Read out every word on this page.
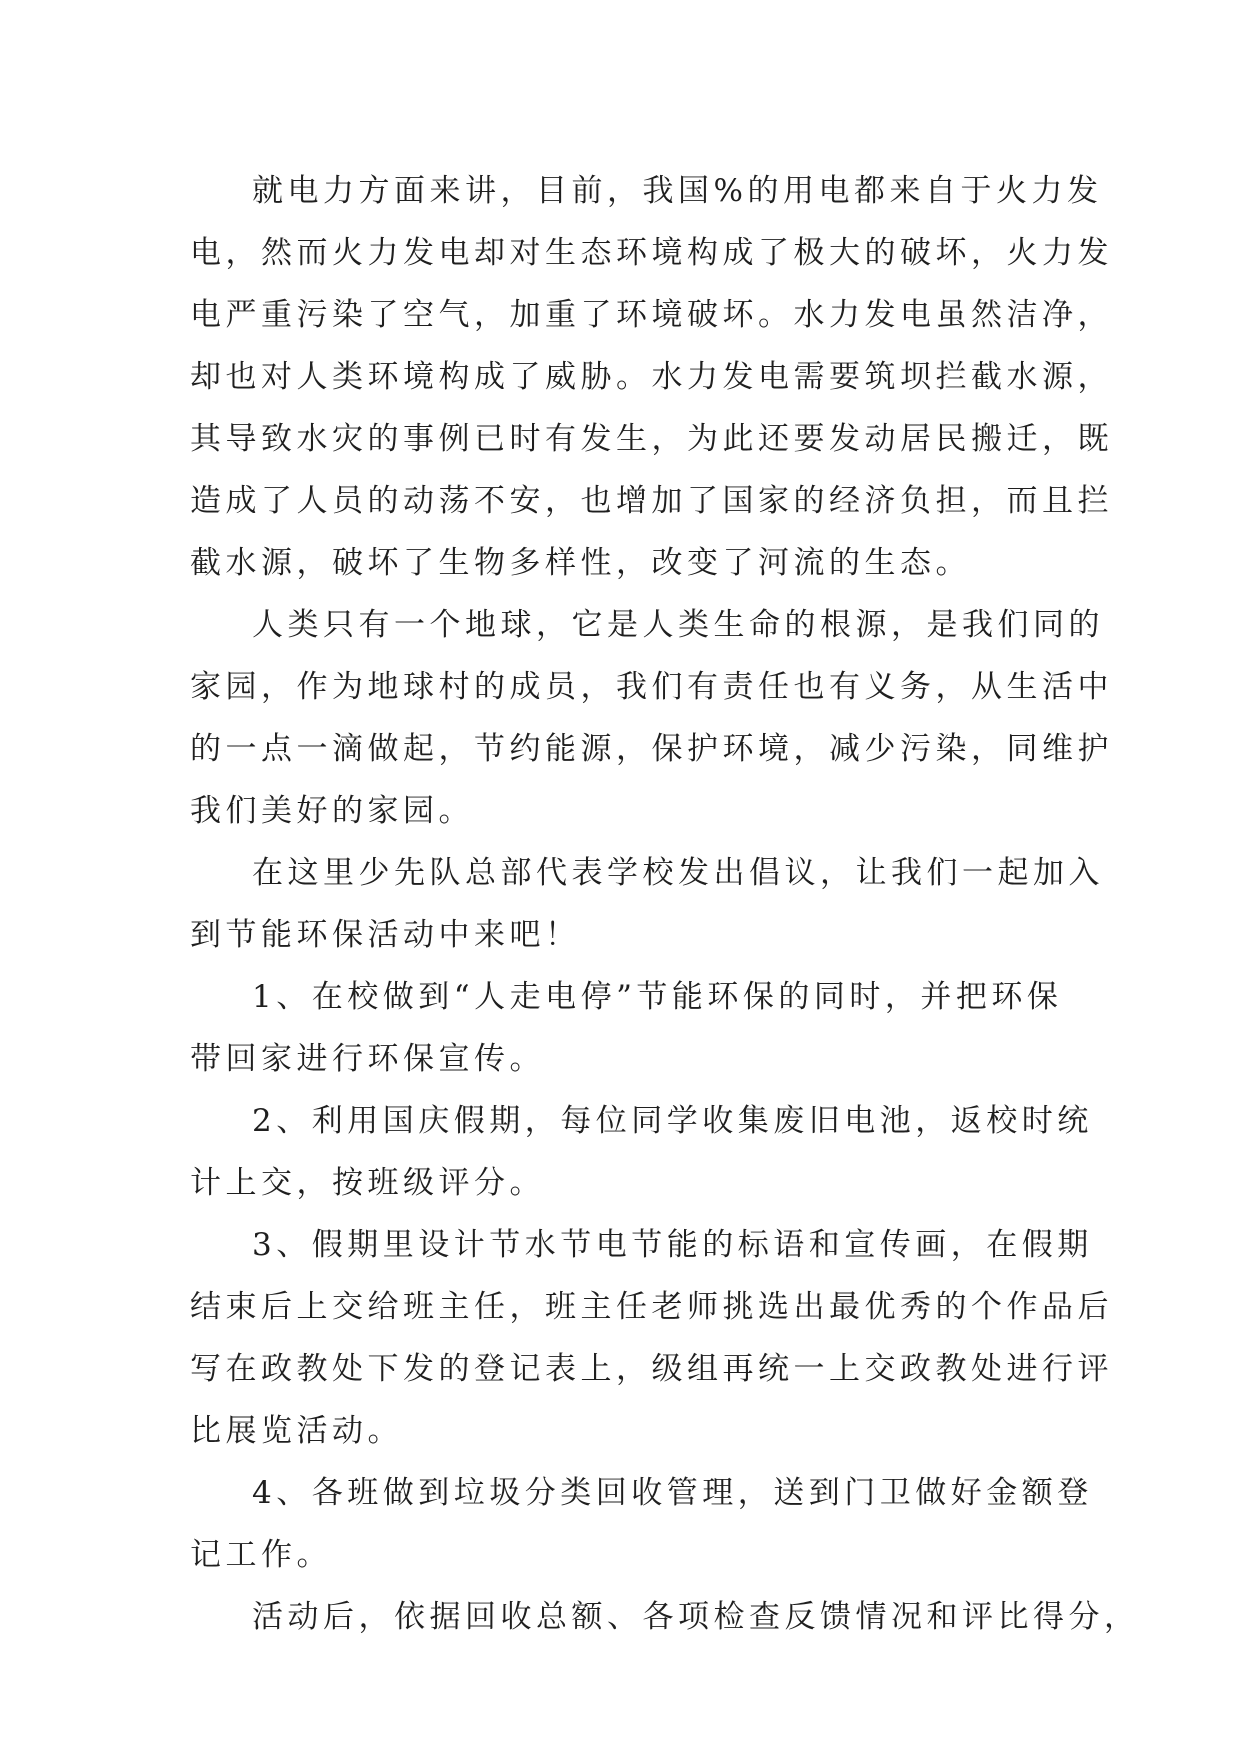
就电力方面来讲，目前，我国%的用电都来自于火力发
电，然而火力发电却对生态环境构成了极大的破坏，火力发
电严重污染了空气，加重了环境破坏。水力发电虽然洁净，
却也对人类环境构成了威胁。水力发电需要筑坝拦截水源，
其导致水灾的事例已时有发生，为此还要发动居民搬迁，既
造成了人员的动荡不安，也增加了国家的经济负担，而且拦
截水源，破坏了生物多样性，改变了河流的生态。
人类只有一个地球，它是人类生命的根源，是我们同的
家园，作为地球村的成员，我们有责任也有义务，从生活中
的一点一滴做起，节约能源，保护环境，减少污染，同维护
我们美好的家园。
在这里少先队总部代表学校发出倡议，让我们一起加入
到节能环保活动中来吧！
1、在校做到“人走电停”节能环保的同时，并把环保
带回家进行环保宣传。
2、利用国庆假期，每位同学收集废旧电池，返校时统
计上交，按班级评分。
3、假期里设计节水节电节能的标语和宣传画，在假期
结束后上交给班主任，班主任老师挑选出最优秀的个作品后
写在政教处下发的登记表上，级组再统一上交政教处进行评
比展览活动。
4、各班做到垃圾分类回收管理，送到门卫做好金额登
记工作。
活动后，依据回收总额、各项检查反馈情况和评比得分，
